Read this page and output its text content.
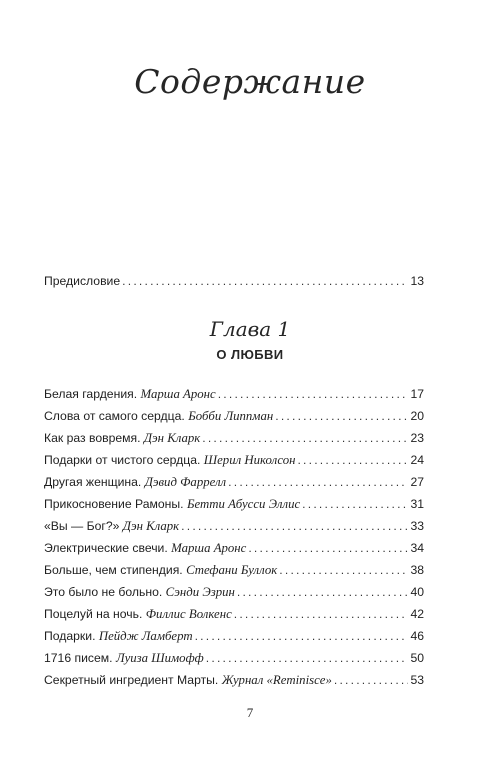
Содержание
Предисловие .....	13
Глава 1
О ЛЮБВИ
Белая гардения. Марша Аронс .....	17
Слова от самого сердца. Бобби Липпман .....	20
Как раз вовремя. Дэн Кларк .....	23
Подарки от чистого сердца. Шерил Николсон .....	24
Другая женщина. Дэвид Фаррелл .....	27
Прикосновение Рамоны. Бетти Абусси Эллис .....	31
«Вы — Бог?» Дэн Кларк .....	33
Электрические свечи. Марша Аронс .....	34
Больше, чем стипендия. Стефани Буллок .....	38
Это было не больно. Сэнди Эзрин .....	40
Поцелуй на ночь. Филлис Волкенс .....	42
Подарки. Пейдж Ламберт .....	46
1716 писем. Луиза Шимофф .....	50
Секретный ингредиент Марты. Журнал «Reminisce» .....	53
7
